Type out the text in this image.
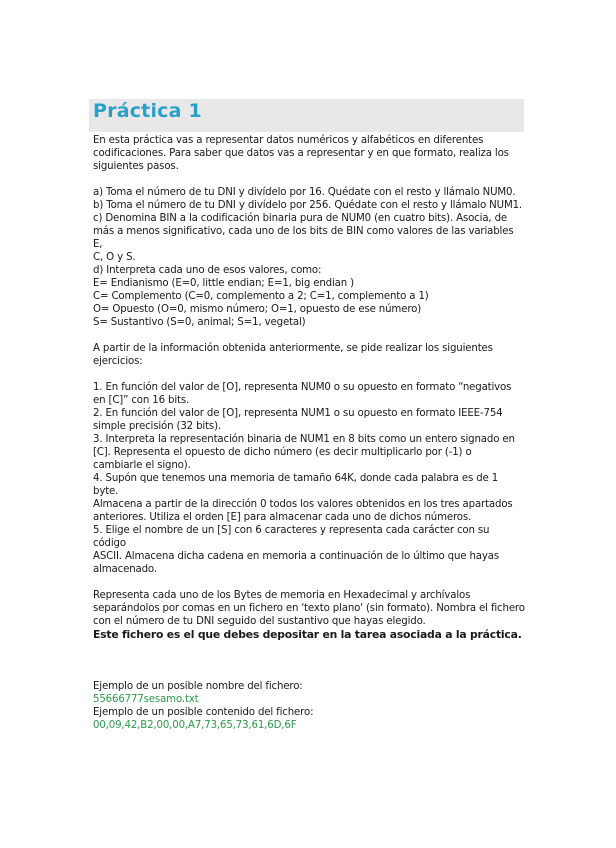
Práctica 1

En esta práctica vas a representar datos numéricos y alfabéticos en diferentes

codificaciones. Para saber que datos vas a representar y en que formato, realiza los

siguientes pasos.

a) Toma el número de tu DNI y divídelo por 16. Quédate con el resto y llámalo NUM0.

b) Toma el número de tu DNI y divídelo por 256. Quédate con el resto y llámalo NUM1.

c) Denomina BIN a la codificación binaria pura de NUM0 (en cuatro bits). Asocia, de

más a menos significativo, cada uno de los bits de BIN como valores de las variables E,

C, O y S.

d) Interpreta cada uno de esos valores, como:

E= Endianismo (E=0, little endian; E=1, big endian )

C= Complemento (C=0, complemento a 2; C=1, complemento a 1)

O= Opuesto (O=0, mismo número; O=1, opuesto de ese número)

S= Sustantivo (S=0, animal; S=1, vegetal)

A partir de la información obtenida anteriormente, se pide realizar los siguientes

ejercicios:

1. En función del valor de [O], representa NUM0 o su opuesto en formato “negativos

en [C]” con 16 bits.

2. En función del valor de [O], representa NUM1 o su opuesto en formato IEEE-754

simple precisión (32 bits).

3. Interpreta la representación binaria de NUM1 en 8 bits como un entero signado en

[C]. Representa el opuesto de dicho número (es decir multiplicarlo por (-1) o

cambiarle el signo).

4. Supón que tenemos una memoria de tamaño 64K, donde cada palabra es de 1 byte.

Almacena a partir de la dirección 0 todos los valores obtenidos en los tres apartados

anteriores. Utiliza el orden [E] para almacenar cada uno de dichos números.

5. Elige el nombre de un [S] con 6 caracteres y representa cada carácter con su código

ASCII. Almacena dicha cadena en memoria a continuación de lo último que hayas

almacenado.

Representa cada uno de los Bytes de memoria en Hexadecimal y archívalos

separándolos por comas en un fichero en 'texto plano' (sin formato). Nombra el fichero

con el número de tu DNI seguido del sustantivo que hayas elegido.

Este fichero es el que debes depositar en la tarea asociada a la práctica.

Ejemplo de un posible nombre del fichero:

55666777sesamo.txt

Ejemplo de un posible contenido del fichero:

00,09,42,B2,00,00,A7,73,65,73,61,6D,6F
